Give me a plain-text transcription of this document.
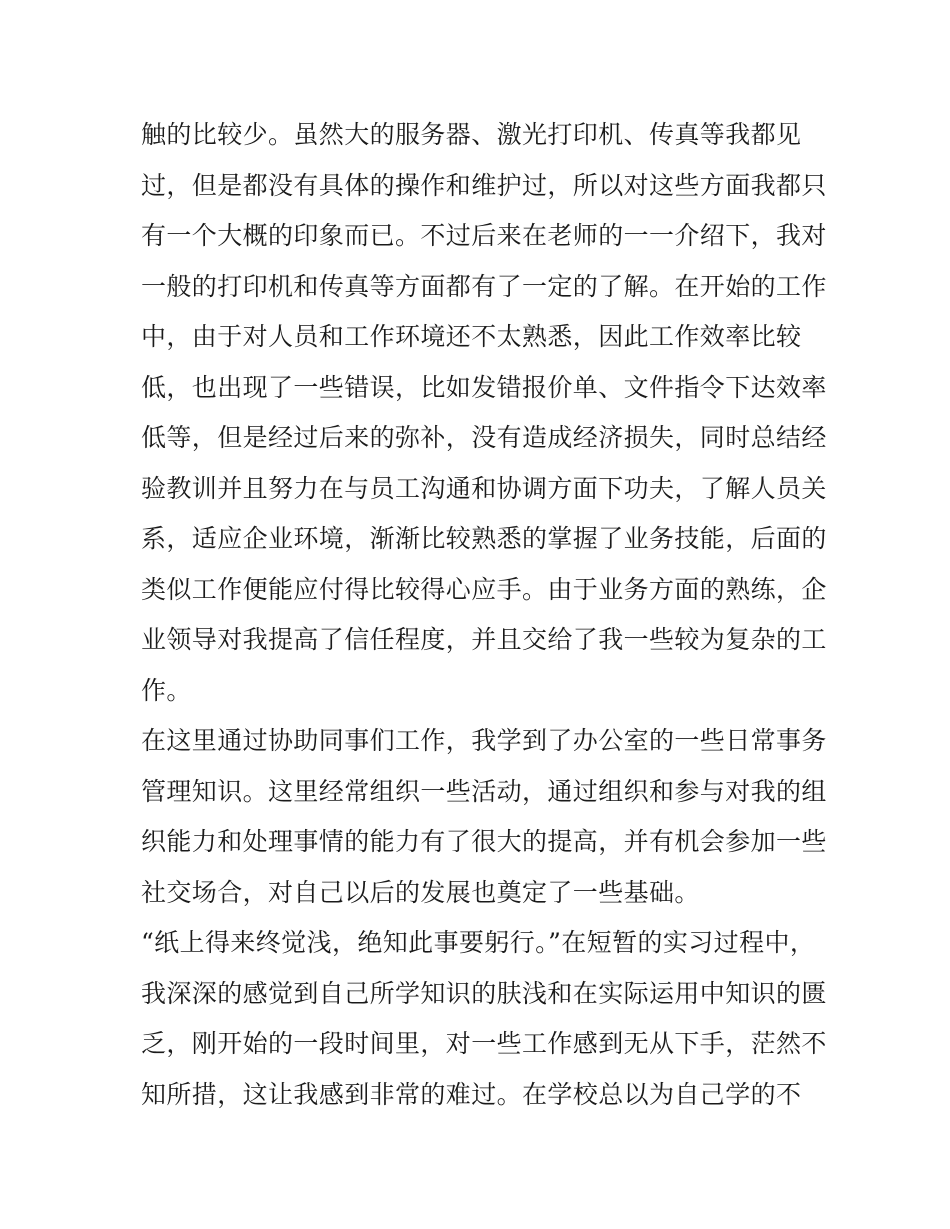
触的比较少。虽然大的服务器、激光打印机、传真等我都见
过，但是都没有具体的操作和维护过，所以对这些方面我都只
有一个大概的印象而已。不过后来在老师的一一介绍下，我对
一般的打印机和传真等方面都有了一定的了解。在开始的工作
中，由于对人员和工作环境还不太熟悉，因此工作效率比较
低，也出现了一些错误，比如发错报价单、文件指令下达效率
低等，但是经过后来的弥补，没有造成经济损失，同时总结经
验教训并且努力在与员工沟通和协调方面下功夫，了解人员关
系，适应企业环境，渐渐比较熟悉的掌握了业务技能，后面的
类似工作便能应付得比较得心应手。由于业务方面的熟练，企
业领导对我提高了信任程度，并且交给了我一些较为复杂的工
作。
在这里通过协助同事们工作，我学到了办公室的一些日常事务
管理知识。这里经常组织一些活动，通过组织和参与对我的组
织能力和处理事情的能力有了很大的提高，并有机会参加一些
社交场合，对自己以后的发展也奠定了一些基础。
“纸上得来终觉浅，绝知此事要躬行。”在短暂的实习过程中，
我深深的感觉到自己所学知识的肤浅和在实际运用中知识的匮
乏，刚开始的一段时间里，对一些工作感到无从下手，茫然不
知所措，这让我感到非常的难过。在学校总以为自己学的不
